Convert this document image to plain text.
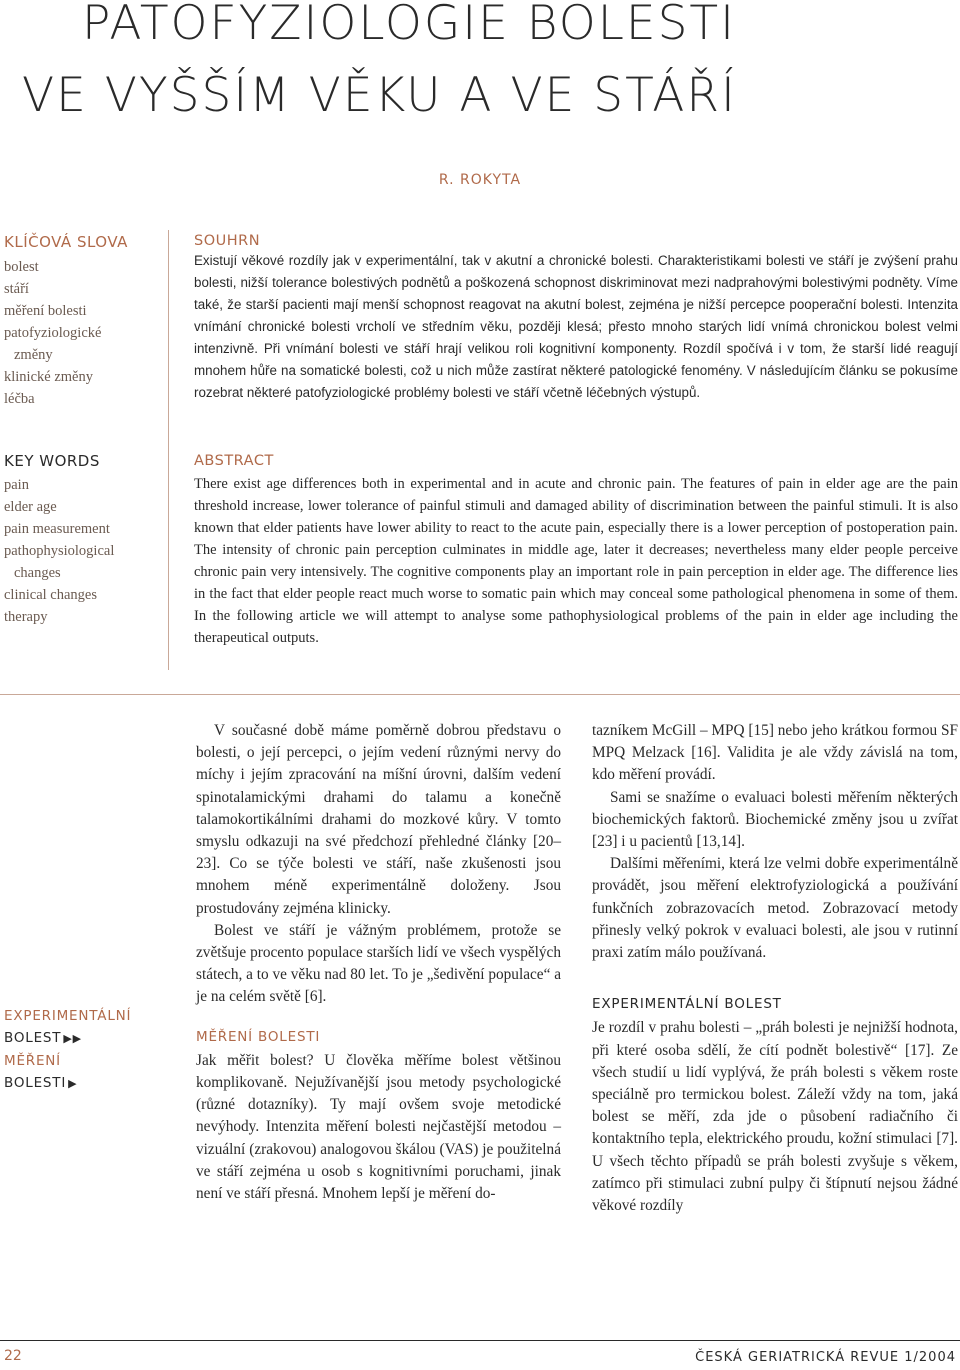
PATOFYZIOLOGIE BOLESTI
VE VYŠŠÍM VĚKU A VE STÁŘÍ
R. ROKYTA
KLÍČOVÁ SLOVA
bolest
stáří
měření bolesti
patofyziologické
změny
klinické změny
léčba
KEY WORDS
pain
elder age
pain measurement
pathophysiological
changes
clinical changes
therapy
SOUHRN

Existují věkové rozdíly jak v experimentální, tak v akutní a chronické bolesti. Charakteristikami bolesti ve stáří je zvýšení prahu bolesti, nižší tolerance bolestivých podnětů a poškozená schopnost diskriminovat mezi nadprahovými bolestivými podněty. Víme také, že starší pacienti mají menší schopnost reagovat na akutní bolest, zejména je nižší percepce pooperační bolesti. Intenzita vnímání chronické bolesti vrcholí ve středním věku, později klesá; přesto mnoho starých lidí vnímá chronickou bolest velmi intenzivně. Při vnímání bolesti ve stáří hrají velikou roli kognitivní komponenty. Rozdíl spočívá i v tom, že starší lidé reagují mnohem hůře na somatické bolesti, což u nich může zastírat některé patologické fenomény. V následujícím článku se pokusíme rozebrat některé patofyziologické problémy bolesti ve stáří včetně léčebných výstupů.

ABSTRACT

There exist age differences both in experimental and in acute and chronic pain. The features of pain in elder age are the pain threshold increase, lower tolerance of painful stimuli and damaged ability of discrimination between the painful stimuli. It is also known that elder patients have lower ability to react to the acute pain, especially there is a lower perception of postoperation pain. The intensity of chronic pain perception culminates in middle age, later it decreases; nevertheless many elder people perceive chronic pain very intensively. The cognitive components play an important role in pain perception in elder age. The difference lies in the fact that elder people react much worse to somatic pain which may conceal some pathological phenomena in some of them. In the following article we will attempt to analyse some pathophysiological problems of the pain in elder age including the therapeutical outputs.

EXPERIMENTÁLNÍ
BOLEST ▶▶
MĚŘENÍ
BOLESTI ▶

V současné době máme poměrně dobrou představu o bolesti, o její percepci, o jejím vedení různými nervy do míchy i jejím zpracování na míšní úrovni, dalším vedení spinotalamickými drahami do talamu a konečně talamokortikálními drahami do mozkové kůry. V tomto smyslu odkazuji na své předchozí přehledné články [20–23]. Co se týče bolesti ve stáří, naše zkušenosti jsou mnohem méně experimentálně doloženy. Jsou prostudovány zejména klinicky.

Bolest ve stáří je vážným problémem, protože se zvětšuje procento populace starších lidí ve všech vyspělých státech, a to ve věku nad 80 let. To je „šedivění populace“ a je na celém světě [6].

MĚŘENÍ BOLESTI

Jak měřit bolest? U člověka měříme bolest většinou komplikovaně. Nejužívanější jsou metody psychologické (různé dotazníky). Ty mají ovšem svoje metodické nevýhody. Intenzita měření bolesti nejčastější metodou – vizuální (zrakovou) analogovou škálou (VAS) je použitelná ve stáří zejména u osob s kognitivními poruchami, jinak není ve stáří přesná. Mnohem lepší je měření do-

tazníkem McGill – MPQ [15] nebo jeho krátkou formou SF MPQ Melzack [16]. Validita je ale vždy závislá na tom, kdo měření provádí.

Sami se snažíme o evaluaci bolesti měřením některých biochemických faktorů. Biochemické změny jsou u zvířat [23] i u pacientů [13,14].

Dalšími měřeními, která lze velmi dobře experimentálně provádět, jsou měření elektrofyziologická a používání funkčních zobrazovacích metod. Zobrazovací metody přinesly velký pokrok v evaluaci bolesti, ale jsou v rutinní praxi zatím málo používaná.

EXPERIMENTÁLNÍ BOLEST

Je rozdíl v prahu bolesti – „práh bolesti je nejnižší hodnota, při které osoba sdělí, že cítí podnět bolestivě“ [17]. Ze všech studií u lidí vyplývá, že práh bolesti s věkem roste speciálně pro termickou bolest. Záleží vždy na tom, jaká bolest se měří, zda jde o působení radiačního či kontaktního tepla, elektrického proudu, kožní stimulaci [7]. U všech těchto případů se práh bolesti zvyšuje s věkem, zatímco při stimulaci zubní pulpy či štípnutí nejsou žádné věkové rozdíly

22	ČESKÁ GERIATRICKÁ REVUE 1/2004
